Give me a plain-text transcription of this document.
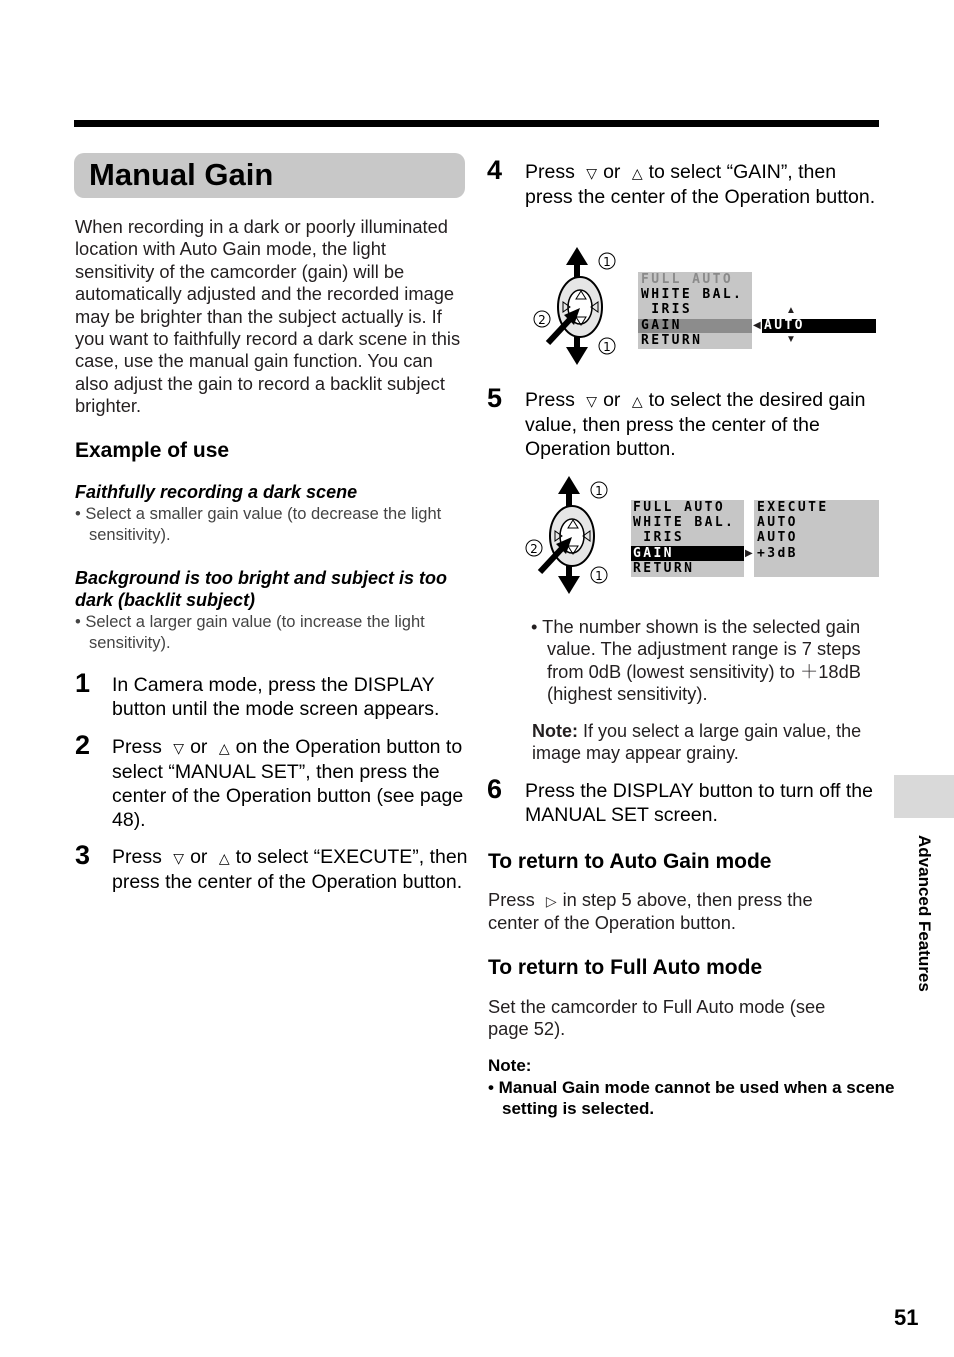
Manual Gain
When recording in a dark or poorly illuminated location with Auto Gain mode, the light sensitivity of the camcorder (gain) will be automatically adjusted and the recorded image may be brighter than the subject actually is. If you want to faithfully record a dark scene in this case, use the manual gain function. You can also adjust the gain to record a backlit subject brighter.
Example of use
Faithfully recording a dark scene
• Select a smaller gain value (to decrease the light sensitivity).
Background is too bright and subject is too dark (backlit subject)
• Select a larger gain value (to increase the light sensitivity).
1 In Camera mode, press the DISPLAY button until the mode screen appears.
2 Press ▽ or △ on the Operation button to select “MANUAL SET”, then press the center of the Operation button (see page 48).
3 Press ▽ or △ to select “EXECUTE”, then press the center of the Operation button.
4 Press ▽ or △ to select “GAIN”, then press the center of the Operation button.
1
1
2
FULL AUTO
WHITE BAL.
IRIS
GAIN
RETURN
◀ AUTO
▲
▼
5 Press ▽ or △ to select the desired gain value, then press the center of the Operation button.
1
1
2
FULL AUTO
WHITE BAL.
IRIS
GAIN
RETURN
▶
EXECUTE
AUTO
AUTO
+3dB
• The number shown is the selected gain value. The adjustment range is 7 steps from 0dB (lowest sensitivity) to ＋18dB (highest sensitivity).
Note: If you select a large gain value, the image may appear grainy.
6 Press the DISPLAY button to turn off the MANUAL SET screen.
To return to Auto Gain mode
Press ▷ in step 5 above, then press the center of the Operation button.
To return to Full Auto mode
Set the camcorder to Full Auto mode (see page 52).
Note:
• Manual Gain mode cannot be used when a scene setting is selected.
Advanced Features
51
